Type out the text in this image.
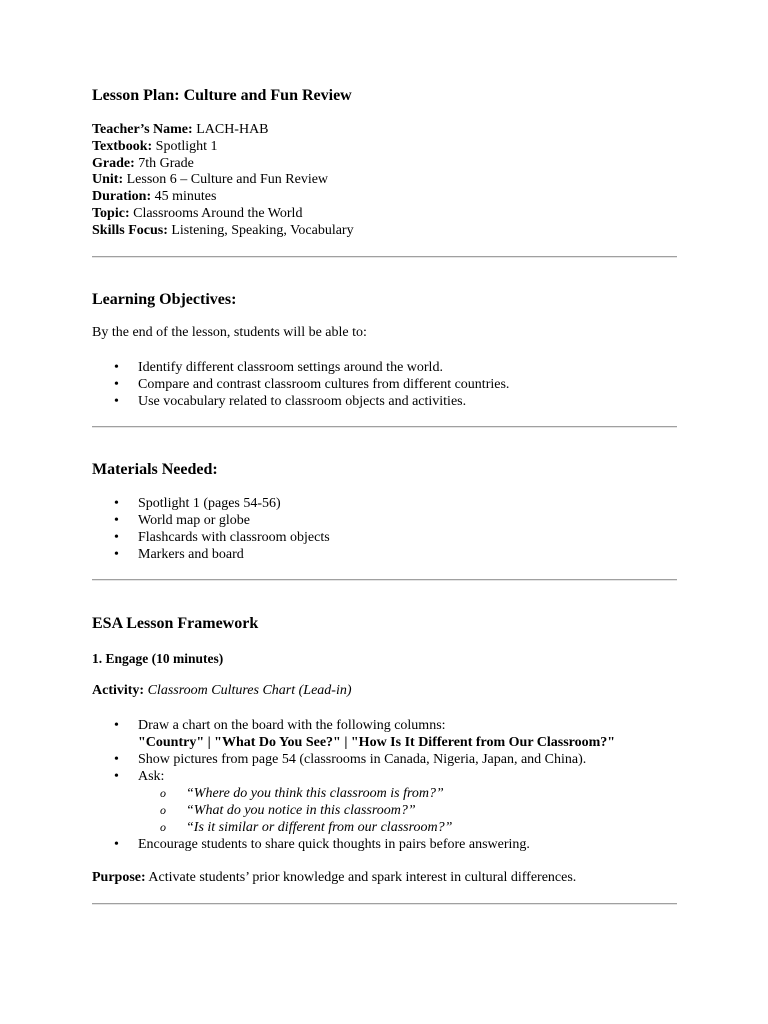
Lesson Plan: Culture and Fun Review
Teacher’s Name: LACH-HAB
Textbook: Spotlight 1
Grade: 7th Grade
Unit: Lesson 6 – Culture and Fun Review
Duration: 45 minutes
Topic: Classrooms Around the World
Skills Focus: Listening, Speaking, Vocabulary
Learning Objectives:
By the end of the lesson, students will be able to:
• Identify different classroom settings around the world.
• Compare and contrast classroom cultures from different countries.
• Use vocabulary related to classroom objects and activities.
Materials Needed:
• Spotlight 1 (pages 54-56)
• World map or globe
• Flashcards with classroom objects
• Markers and board
ESA Lesson Framework
1. Engage (10 minutes)
Activity: Classroom Cultures Chart (Lead-in)
• Draw a chart on the board with the following columns:
"Country" | "What Do You See?" | "How Is It Different from Our Classroom?"
• Show pictures from page 54 (classrooms in Canada, Nigeria, Japan, and China).
• Ask:
o “Where do you think this classroom is from?”
o “What do you notice in this classroom?”
o “Is it similar or different from our classroom?”
• Encourage students to share quick thoughts in pairs before answering.
Purpose: Activate students’ prior knowledge and spark interest in cultural differences.
